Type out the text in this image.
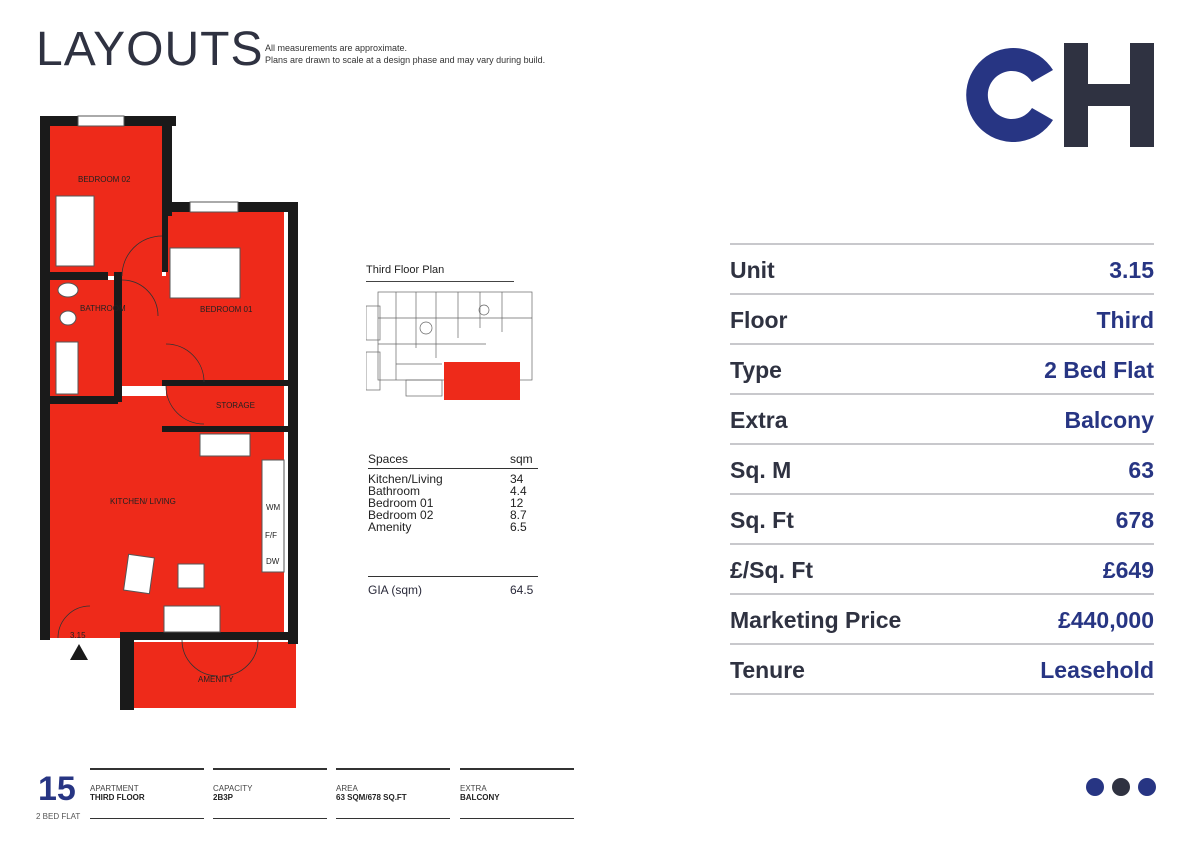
LAYOUTS All measurements are approximate.
Plans are drawn to scale at a design phase and may vary during build.
WM
F/F
DW
BEDROOM 02
BATHROOM	BEDROOM 01
STORAGE
KITCHEN/ LIVING
AMENITY
3.15
Third Floor Plan
Spaces	sqm
Kitchen/Living	34
Bathroom	4.4
Bedroom 01	12
Bedroom 02	8.7
Amenity	6.5
GIA (sqm)	64.5
Unit	3.15
Floor	Third
Type	2 Bed Flat
Extra	Balcony
Sq. M	63
Sq. Ft	678
£/Sq. Ft	£649
Marketing Price	£440,000
Tenure	Leasehold
15
2 BED FLAT
APARTMENT
THIRD FLOOR
CAPACITY
2B3P
AREA
63 SQM/678 SQ.FT
EXTRA
BALCONY
